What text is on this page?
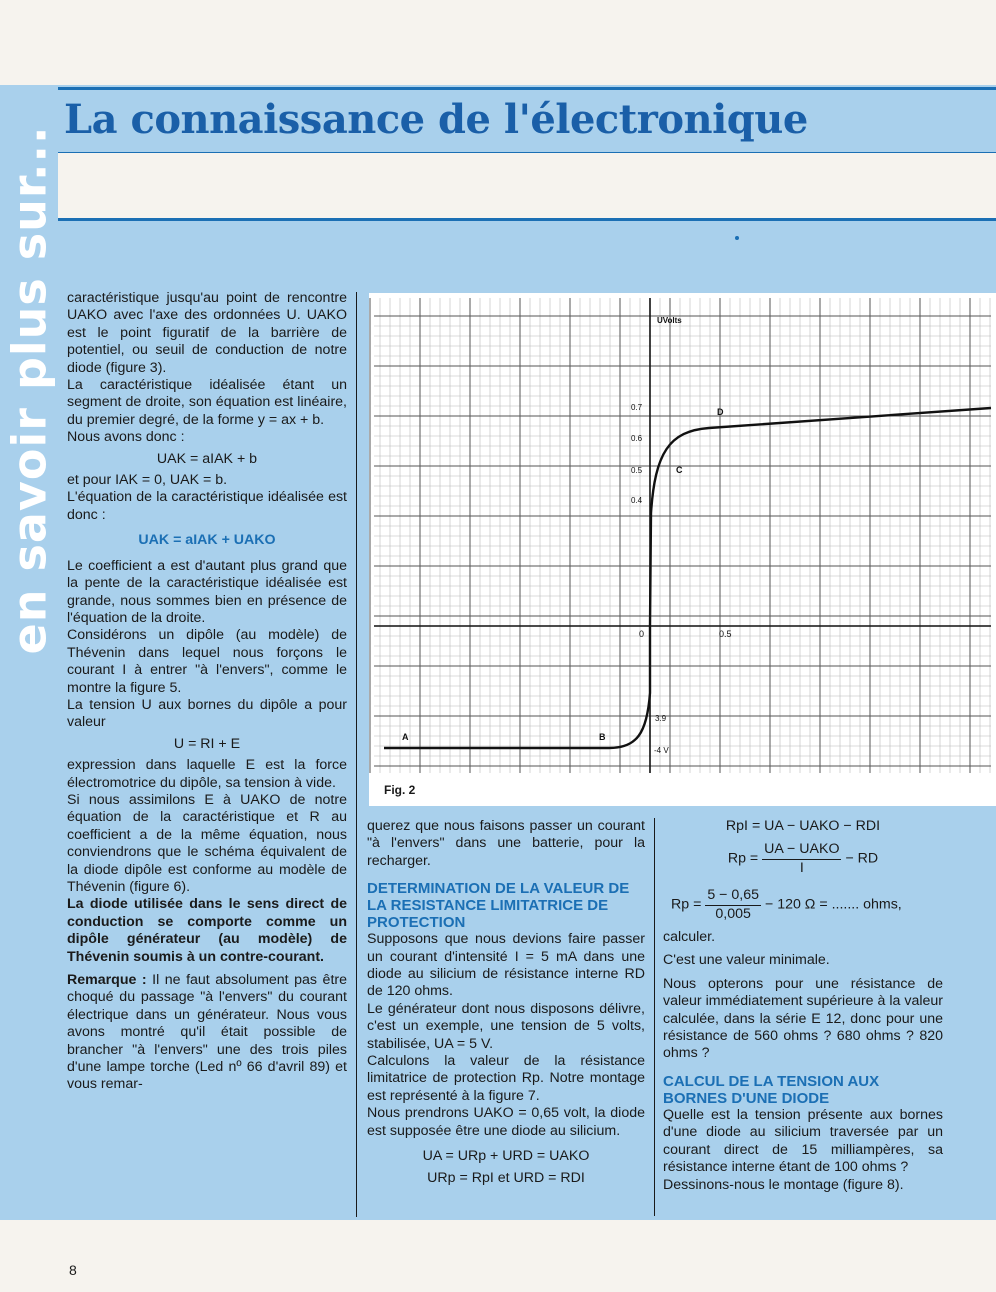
en savoir plus sur...
La connaissance de l'électronique

caractéristique jusqu'au point de rencontre UAKO avec l'axe des ordonnées U. UAKO est le point figuratif de la barrière de potentiel, ou seuil de conduction de notre diode (figure 3).

La caractéristique idéalisée étant un segment de droite, son équation est linéaire, du premier degré, de la forme y = ax + b.

Nous avons donc :

UAK = aIAK + b

et pour IAK = 0, UAK = b.

L'équation de la caractéristique idéalisée est donc :

UAK = aIAK + UAKO

Le coefficient a est d'autant plus grand que la pente de la caractéristique idéalisée est grande, nous sommes bien en présence de l'équation de la droite.

Considérons un dipôle (au modèle) de Thévenin dans lequel nous forçons le courant I à entrer "à l'envers", comme le montre la figure 5.

La tension U aux bornes du dipôle a pour valeur

U = RI + E

expression dans laquelle E est la force électromotrice du dipôle, sa tension à vide.

Si nous assimilons E à UAKO de notre équation de la caractéristique et R au coefficient a de la même équation, nous conviendrons que le schéma équivalent de la diode dipôle est conforme au modèle de Thévenin (figure 6).

La diode utilisée dans le sens direct de conduction se comporte comme un dipôle générateur (au modèle) de Thévenin soumis à un contre-courant.

Remarque : Il ne faut absolument pas être choqué du passage "à l'envers" du courant électrique dans un générateur. Nous vous avons montré qu'il était possible de brancher "à l'envers" une des trois piles d'une lampe torche (Led nº 66 d'avril 89) et vous remar-

UVolts
0.7
0.6
0.5
0.4
0	0.5
3.9
-4 V
A	B
C
D
Fig. 2

querez que nous faisons passer un courant "à l'envers" dans une batterie, pour la recharger.

DETERMINATION DE LA VALEUR DE LA RESISTANCE LIMITATRICE DE PROTECTION

Supposons que nous devions faire passer un courant d'intensité I = 5 mA dans une diode au silicium de résistance interne RD de 120 ohms.

Le générateur dont nous disposons délivre, c'est un exemple, une tension de 5 volts, stabilisée, UA = 5 V.

Calculons la valeur de la résistance limitatrice de protection Rp. Notre montage est représenté à la figure 7.

Nous prendrons UAKO = 0,65 volt, la diode est supposée être une diode au silicium.

UA = URp + URD = UAKO

URp = RpI et URD = RDI

RpI = UA − UAKO − RDI

$Rp = \frac{\text{UA − UAKO}}{I}$ − RD

$Rp = \frac{5 - 0,65}{0,005} - 120$ Ω = ....... ohms,

calculer.

C'est une valeur minimale.

Nous opterons pour une résistance de valeur immédiatement supérieure à la valeur calculée, dans la série E 12, donc pour une résistance de 560 ohms ? 680 ohms ? 820 ohms ?

CALCUL DE LA TENSION AUX BORNES D'UNE DIODE

Quelle est la tension présente aux bornes d'une diode au silicium traversée par un courant direct de 15 milliampères, sa résistance interne étant de 100 ohms ?

Dessinons-nous le montage (figure 8).

8
